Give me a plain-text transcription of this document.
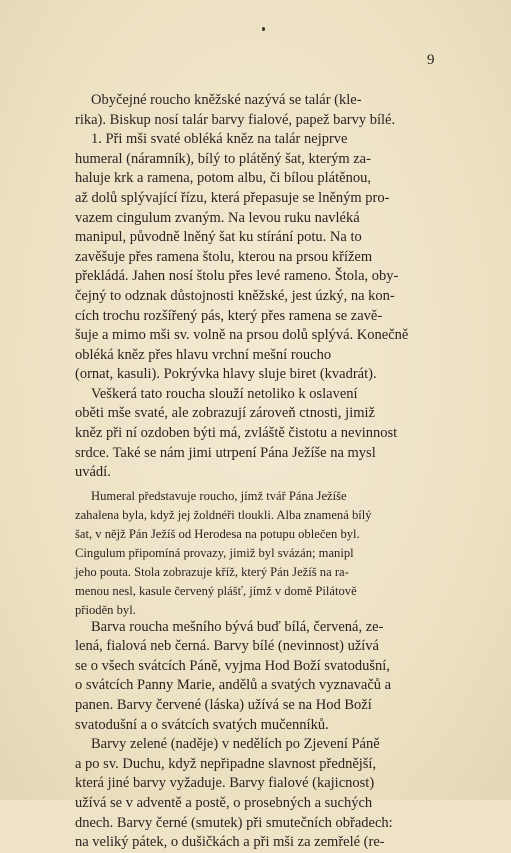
9
Obyčejné roucho kněžské nazývá se talár (kle-
rika). Biskup nosí talár barvy fialové, papež barvy bílé.
1. Při mši svaté obléká kněz na talár nejprve
humeral (náramník), bílý to plátěný šat, kterým za-
haluje krk a ramena, potom albu, či bílou plátěnou,
až dolů splývající řízu, která přepasuje se lněným pro-
vazem cingulum zvaným. Na levou ruku navléká
manipul, původně lněný šat ku stírání potu. Na to
zavěšuje přes ramena štolu, kterou na prsou křížem
překládá. Jahen nosí štolu přes levé rameno. Štola, oby-
čejný to odznak důstojnosti kněžské, jest úzký, na kon-
cích trochu rozšířený pás, který přes ramena se zavě-
šuje a mimo mši sv. volně na prsou dolů splývá. Konečně
obléká kněz přes hlavu vrchní mešní roucho
(ornat, kasuli). Pokrývka hlavy sluje biret (kvadrát).
Veškerá tato roucha slouží netoliko k oslavení
oběti mše svaté, ale zobrazují zároveň ctnosti, jimiž
kněz při ní ozdoben býti má, zvláště čistotu a nevinnost
srdce. Také se nám jimi utrpení Pána Ježíše na mysl
uvádí.
Humeral představuje roucho, jímž tvář Pána Ježíše
zahalena byla, když jej žoldnéři tloukli. Alba znamená bílý
šat, v nějž Pán Ježíš od Herodesa na potupu oblečen byl.
Cingulum připomíná provazy, jimiž byl svázán; manipl
jeho pouta. Stola zobrazuje kříž, který Pán Ježíš na ra-
menou nesl, kasule červený plášť, jímž v domě Pilátově
přioděn byl.
Barva roucha mešního bývá buď bílá, červená, ze-
lená, fialová neb černá. Barvy bílé (nevinnost) užívá
se o všech svátcích Páně, vyjma Hod Boží svatodušní,
o svátcích Panny Marie, andělů a svatých vyznavačů a
panen. Barvy červené (láska) užívá se na Hod Boží
svatodušní a o svátcích svatých mučenníků.
Barvy zelené (naděje) v nedělích po Zjevení Páně
a po sv. Duchu, když nepřipadne slavnost přednější,
která jiné barvy vyžaduje. Barvy fialové (kajicnost)
užívá se v adventě a postě, o prosebných a suchých
dnech. Barvy černé (smutek) při smutečních obřadech:
na veliký pátek, o dušičkách a při mši za zemřelé (re-
